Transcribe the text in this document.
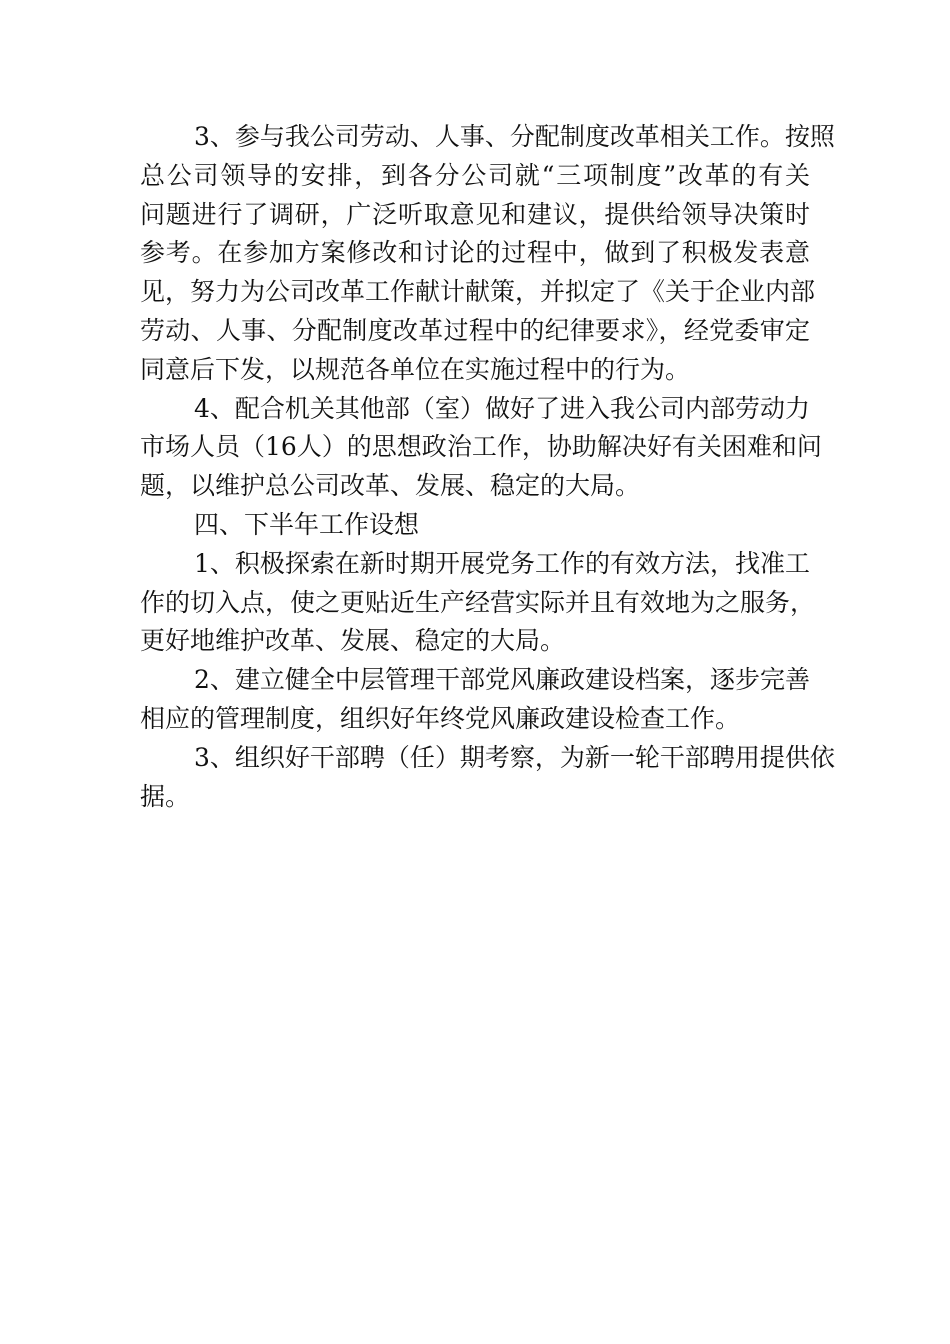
3、参与我公司劳动、人事、分配制度改革相关工作。按照
总公司领导的安排，到各分公司就“三项制度”改革的有关
问题进行了调研，广泛听取意见和建议，提供给领导决策时
参考。在参加方案修改和讨论的过程中，做到了积极发表意
见，努力为公司改革工作献计献策，并拟定了《关于企业内部
劳动、人事、分配制度改革过程中的纪律要求》，经党委审定
同意后下发，以规范各单位在实施过程中的行为。
4、配合机关其他部（室）做好了进入我公司内部劳动力
市场人员（16人）的思想政治工作，协助解决好有关困难和问
题，以维护总公司改革、发展、稳定的大局。
四、下半年工作设想
1、积极探索在新时期开展党务工作的有效方法，找准工
作的切入点，使之更贴近生产经营实际并且有效地为之服务，
更好地维护改革、发展、稳定的大局。
2、建立健全中层管理干部党风廉政建设档案，逐步完善
相应的管理制度，组织好年终党风廉政建设检查工作。
3、组织好干部聘（任）期考察，为新一轮干部聘用提供依
据。
